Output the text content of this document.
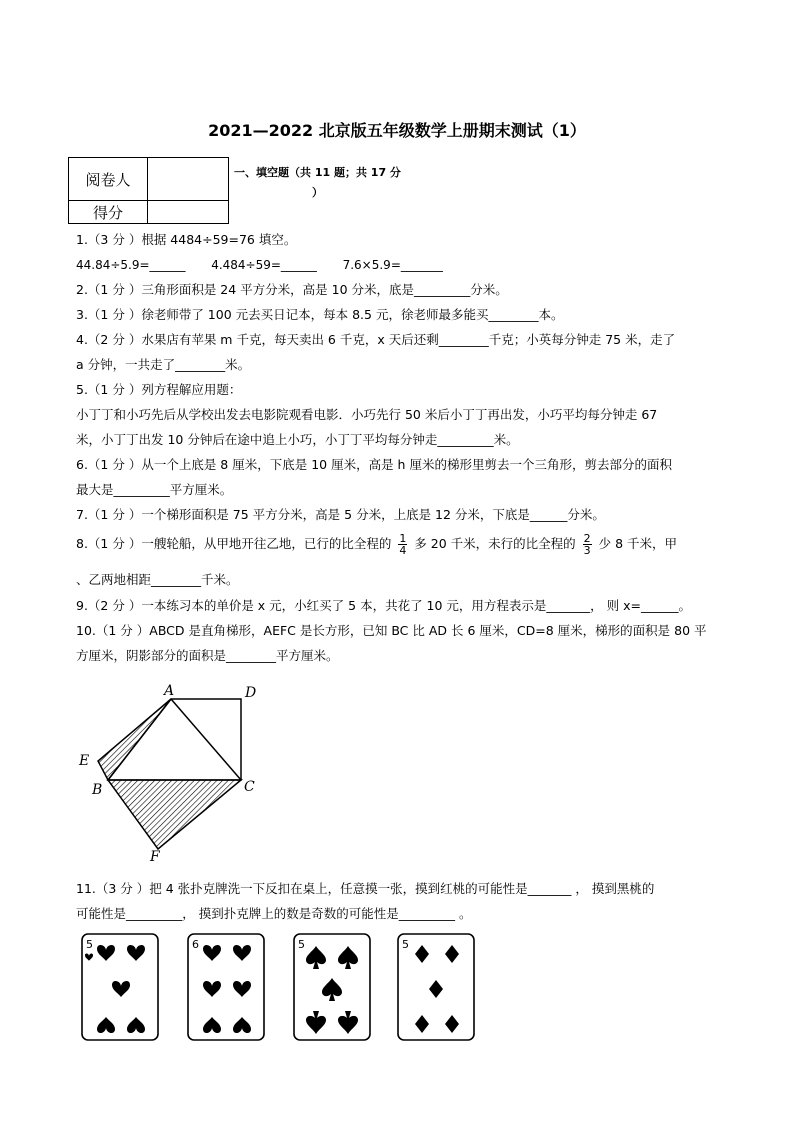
2021—2022 北京版五年级数学上册期末测试（1）
阅卷人	
得分	
一、填空题（共 11 题；共 17 分
）
1.（3 分 ）根据 4484÷59=76 填空。
44.84÷5.9=______ 4.484÷59=______ 7.6×5.9=_______
2.（1 分 ）三角形面积是 24 平方分米，高是 10 分米，底是_________分米。
3.（1 分 ）徐老师带了 100 元去买日记本，每本 8.5 元，徐老师最多能买________本。
4.（2 分 ）水果店有苹果 m 千克，每天卖出 6 千克，x 天后还剩________千克；小英每分钟走 75 米，走了
a 分钟，一共走了________米。
5.（1 分 ）列方程解应用题：
小丁丁和小巧先后从学校出发去电影院观看电影．小巧先行 50 米后小丁丁再出发，小巧平均每分钟走 67
米，小丁丁出发 10 分钟后在途中追上小巧，小丁丁平均每分钟走_________米。
6.（1 分 ）从一个上底是 8 厘米，下底是 10 厘米，高是 h 厘米的梯形里剪去一个三角形，剪去部分的面积
最大是_________平方厘米。
7.（1 分 ）一个梯形面积是 75 平方分米，高是 5 分米，上底是 12 分米，下底是______分米。
8.（1 分 ）一艘轮船，从甲地开往乙地，已行的比全程的 $\frac{1}{4}$ 多 20 千米，未行的比全程的 $\frac{2}{3}$ 少 8 千米，甲
、乙两地相距________千米。
9.（2 分 ）一本练习本的单价是 x 元，小红买了 5 本，共花了 10 元，用方程表示是_______， 则 x=______。
10.（1 分 ）ABCD 是直角梯形，AEFC 是长方形，已知 BC 比 AD 长 6 厘米，CD=8 厘米，梯形的面积是 80 平
方厘米，阴影部分的面积是________平方厘米。
A	D
E
B	C
F
11.（3 分 ）把 4 张扑克牌洗一下反扣在桌上，任意摸一张，摸到红桃的可能性是_______ ， 摸到黑桃的
可能性是_________， 摸到扑克牌上的数是奇数的可能性是_________ 。
5	6	5	5
